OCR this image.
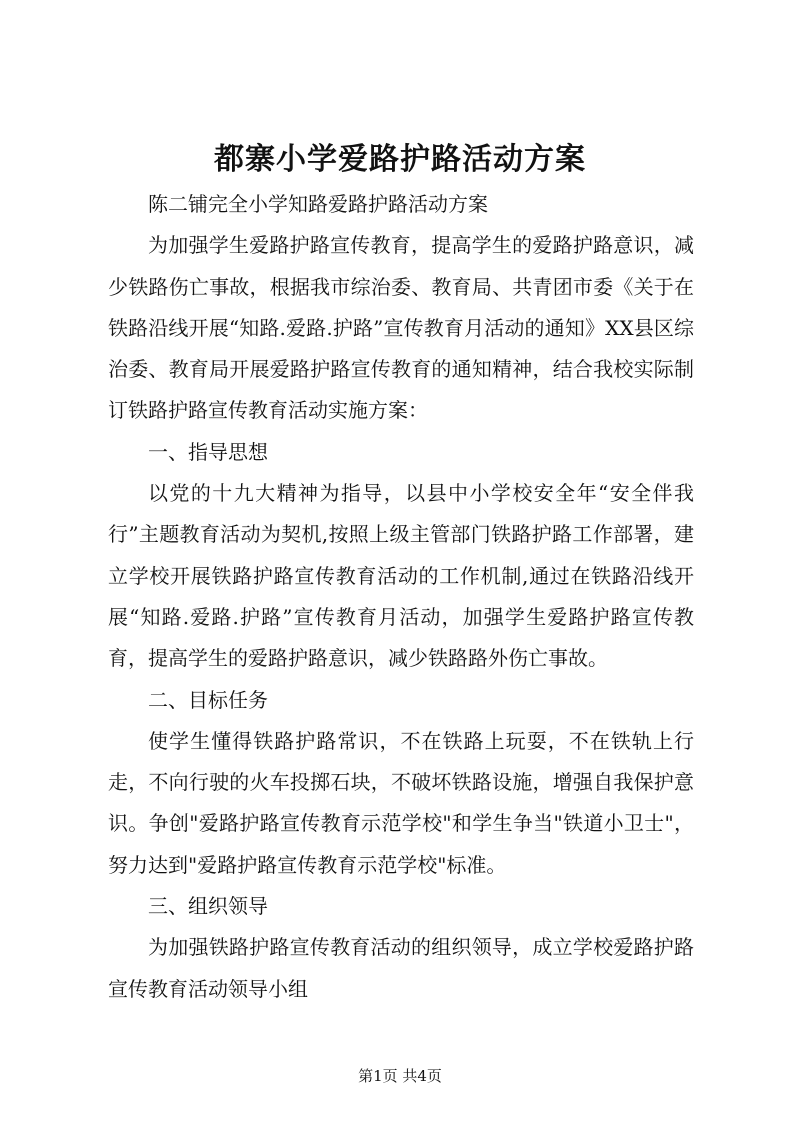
都寨小学爱路护路活动方案

陈二铺完全小学知路爱路护路活动方案

为加强学生爱路护路宣传教育，提高学生的爱路护路意识，减少铁路伤亡事故，根据我市综治委、教育局、共青团市委《关于在铁路沿线开展“知路.爱路.护路”宣传教育月活动的通知》XX县区综治委、教育局开展爱路护路宣传教育的通知精神，结合我校实际制订铁路护路宣传教育活动实施方案：

一、指导思想

以党的十九大精神为指导，以县中小学校安全年“安全伴我行”主题教育活动为契机,按照上级主管部门铁路护路工作部署，建立学校开展铁路护路宣传教育活动的工作机制,通过在铁路沿线开展“知路.爱路.护路”宣传教育月活动，加强学生爱路护路宣传教育，提高学生的爱路护路意识，减少铁路路外伤亡事故。

二、目标任务

使学生懂得铁路护路常识，不在铁路上玩耍，不在铁轨上行走，不向行驶的火车投掷石块，不破坏铁路设施，增强自我保护意识。争创"爱路护路宣传教育示范学校"和学生争当"铁道小卫士"，努力达到"爱路护路宣传教育示范学校"标准。

三、组织领导

为加强铁路护路宣传教育活动的组织领导，成立学校爱路护路宣传教育活动领导小组

第1页 共4页
